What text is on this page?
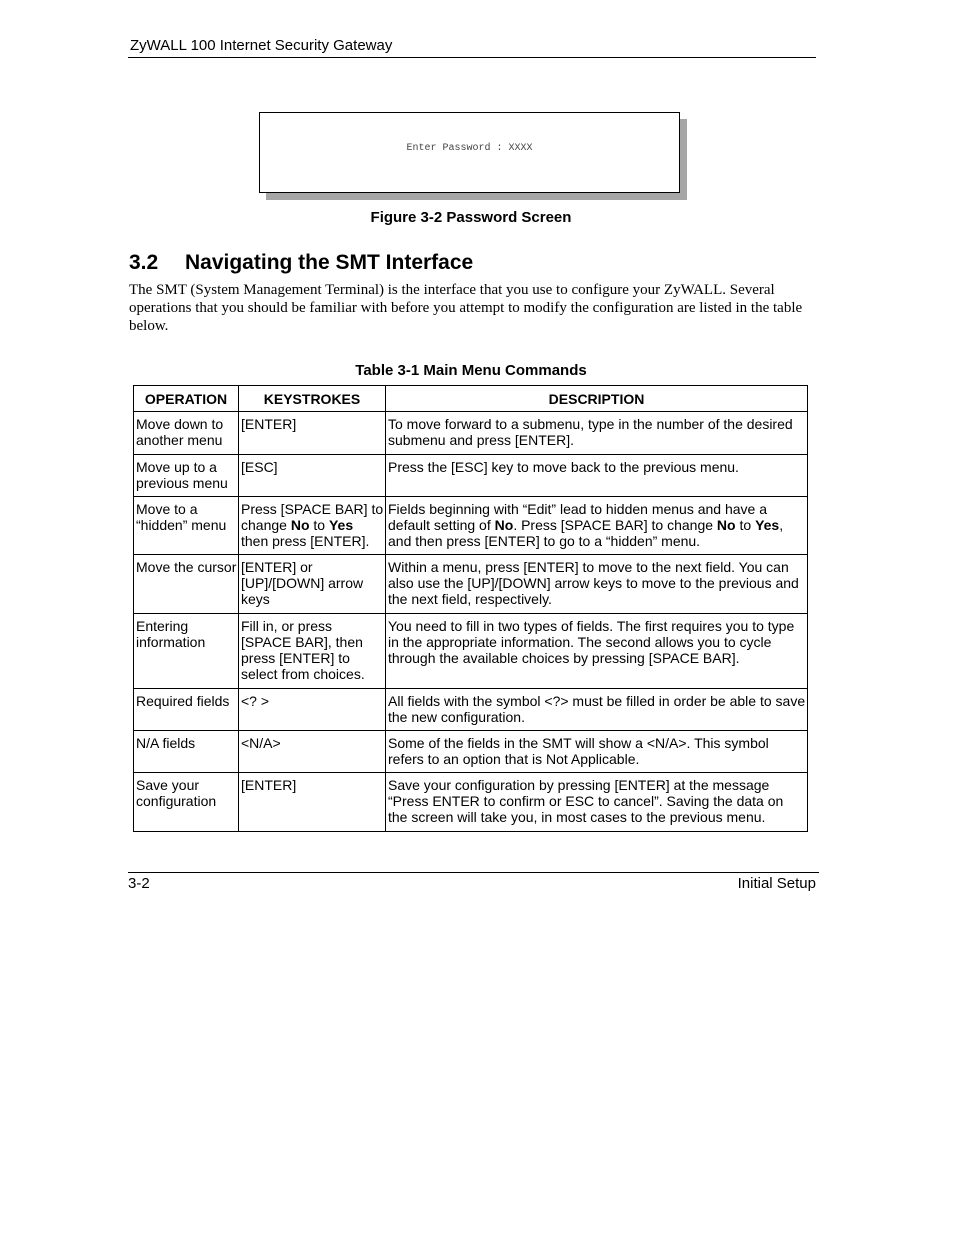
ZyWALL 100 Internet Security Gateway
Enter Password : XXXX
Figure 3-2 Password Screen
3.2 Navigating the SMT Interface
The SMT (System Management Terminal) is the interface that you use to configure your ZyWALL. Several operations that you should be familiar with before you attempt to modify the configuration are listed in the table below.
Table 3-1 Main Menu Commands
OPERATION	KEYSTROKES	DESCRIPTION
Move down to another menu	[ENTER]	To move forward to a submenu, type in the number of the desired submenu and press [ENTER].
Move up to a previous menu	[ESC]	Press the [ESC] key to move back to the previous menu.
Move to a “hidden” menu	Press [SPACE BAR] to change No to Yes then press [ENTER].	Fields beginning with “Edit” lead to hidden menus and have a default setting of No. Press [SPACE BAR] to change No to Yes, and then press [ENTER] to go to a “hidden” menu.
Move the cursor	[ENTER] or [UP]/[DOWN] arrow keys	Within a menu, press [ENTER] to move to the next field. You can also use the [UP]/[DOWN] arrow keys to move to the previous and the next field, respectively.
Entering information	Fill in, or press [SPACE BAR], then press [ENTER] to select from choices.	You need to fill in two types of fields. The first requires you to type in the appropriate information. The second allows you to cycle through the available choices by pressing [SPACE BAR].
Required fields	<? >	All fields with the symbol <?> must be filled in order be able to save the new configuration.
N/A fields	<N/A>	Some of the fields in the SMT will show a <N/A>. This symbol refers to an option that is Not Applicable.
Save your configuration	[ENTER]	Save your configuration by pressing [ENTER] at the message “Press ENTER to confirm or ESC to cancel”. Saving the data on the screen will take you, in most cases to the previous menu.
3-2	Initial Setup
